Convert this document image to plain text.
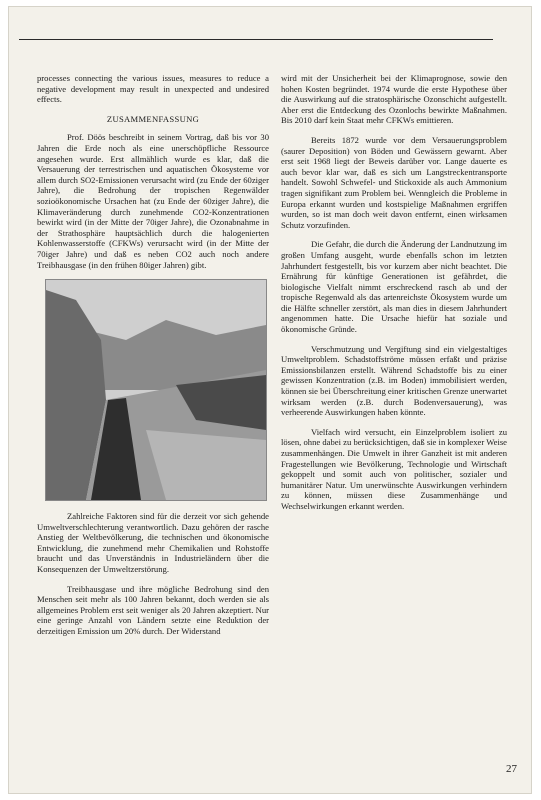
processes connecting the various issues, measures to reduce a negative development may result in unexpected and undesired effects.

ZUSAMMENFASSUNG

Prof. Döös beschreibt in seinem Vortrag, daß bis vor 30 Jahren die Erde noch als eine unerschöpfliche Ressource angesehen wurde. Erst allmählich wurde es klar, daß die Versauerung der terrestrischen und aquatischen Ökosysteme vor allem durch SO2-Emissionen verursacht wird (zu Ende der 60ziger Jahre), die Bedrohung der tropischen Regenwälder sozioökonomische Ursachen hat (zu Ende der 60ziger Jahre), die Klimaveränderung durch zunehmende CO2-Konzentrationen bewirkt wird (in der Mitte der 70iger Jahre), die Ozonabnahme in der Strathosphäre hauptsächlich durch die halogenierten Kohlenwasserstoffe (CFKWs) verursacht wird (in der Mitte der 70iger Jahre) und daß es neben CO2 auch noch andere Treibhausgase (in den frühen 80iger Jahren) gibt.

Zahlreiche Faktoren sind für die derzeit vor sich gehende Umweltverschlechterung verantwortlich. Dazu gehören der rasche Anstieg der Weltbevölkerung, die technischen und ökonomische Entwicklung, die zunehmend mehr Chemikalien und Rohstoffe braucht und das Unverständnis in Industrieländern über die Konsequenzen der Umweltzerstörung.

Treibhausgase und ihre mögliche Bedrohung sind den Menschen seit mehr als 100 Jahren bekannt, doch werden sie als allgemeines Problem erst seit weniger als 20 Jahren akzeptiert. Nur eine geringe Anzahl von Ländern setzte eine Reduktion der derzeitigen Emission um 20% durch. Der Widerstand

wird mit der Unsicherheit bei der Klimaprognose, sowie den hohen Kosten begründet. 1974 wurde die erste Hypothese über die Auswirkung auf die stratosphärische Ozonschicht aufgestellt. Aber erst die Entdeckung des Ozonlochs bewirkte Maßnahmen. Bis 2010 darf kein Staat mehr CFKWs emittieren.

Bereits 1872 wurde vor dem Versauerungsproblem (saurer Deposition) von Böden und Gewässern gewarnt. Aber erst seit 1968 liegt der Beweis darüber vor. Lange dauerte es auch bevor klar war, daß es sich um Langstreckentransporte handelt. Sowohl Schwefel- und Stickoxide als auch Ammonium tragen signifikant zum Problem bei. Wenngleich die Probleme in Europa erkannt wurden und kostspielige Maßnahmen ergriffen wurden, so ist man doch weit davon entfernt, einen wirksamen Schutz vorzufinden.

Die Gefahr, die durch die Änderung der Landnutzung im großen Umfang ausgeht, wurde ebenfalls schon im letzten Jahrhundert festgestellt, bis vor kurzem aber nicht beachtet. Die Ernährung für künftige Generationen ist gefährdet, die biologische Vielfalt nimmt erschreckend rasch ab und der tropische Regenwald als das artenreichste Ökosystem wurde um die Hälfte schneller zerstört, als man dies in diesem Jahrhundert angenommen hatte. Die Ursache hiefür hat soziale und ökonomische Gründe.

Verschmutzung und Vergiftung sind ein vielgestaltiges Umweltproblem. Schadstoffströme müssen erfaßt und präzise Emissionsbilanzen erstellt. Während Schadstoffe bis zu einer gewissen Konzentration (z.B. im Boden) immobilisiert werden, können sie bei Überschreitung einer kritischen Grenze unerwartet wirksam werden (z.B. durch Bodenversauerung), was verheerende Auswirkungen haben könnte.

Vielfach wird versucht, ein Einzelproblem isoliert zu lösen, ohne dabei zu berücksichtigen, daß sie in komplexer Weise zusammenhängen. Die Umwelt in ihrer Ganzheit ist mit anderen Fragestellungen wie Bevölkerung, Technologie und Wirtschaft gekoppelt und somit auch von politischer, sozialer und humanitärer Natur. Um unerwünschte Auswirkungen verhindern zu können, müssen diese Zusammenhänge und Wechselwirkungen erkannt werden.

27
